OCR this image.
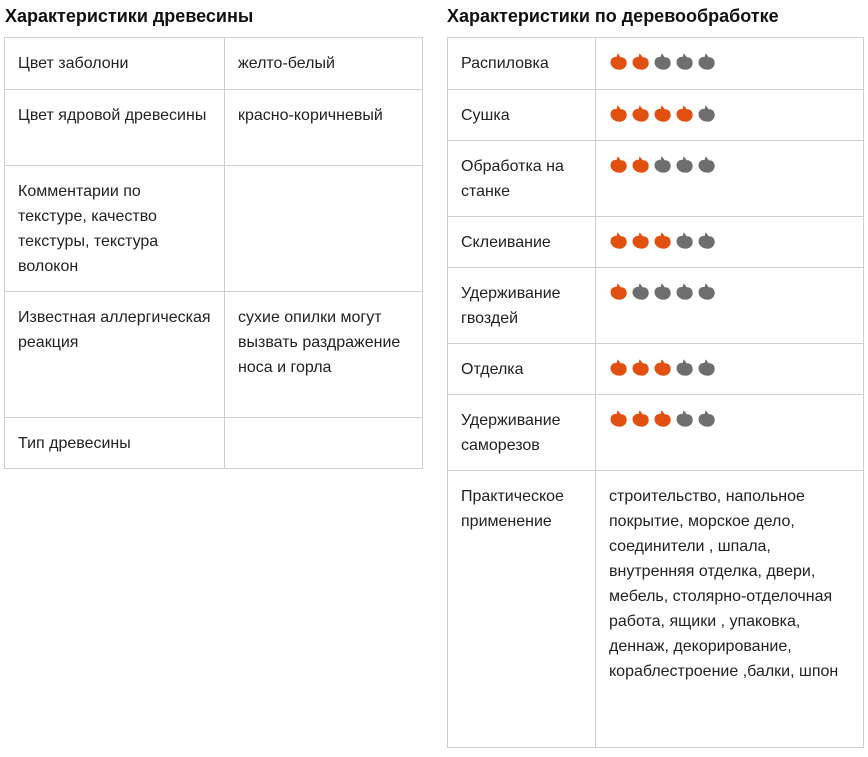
Характеристики древесины
Цвет заболони	желто-белый
Цвет ядровой древесины	красно-коричневый
Комментарии по текстуре, качество текстуры, текстура волокон	
Известная аллергическая реакция	сухие опилки могут вызвать раздражение носа и горла
Тип древесины	
Характеристики по деревообработке
Распиловка	

Сушка	

Обработка на станке	

Склеивание	

Удерживание гвоздей	

Отделка	

Удерживание саморезов	

Практическое применение	строительство, напольное покрытие, морское дело, соединители , шпала, внутренняя отделка, двери, мебель, столярно-отделочная работа, ящики , упаковка, деннаж, декорирование, кораблестроение ,балки, шпон
